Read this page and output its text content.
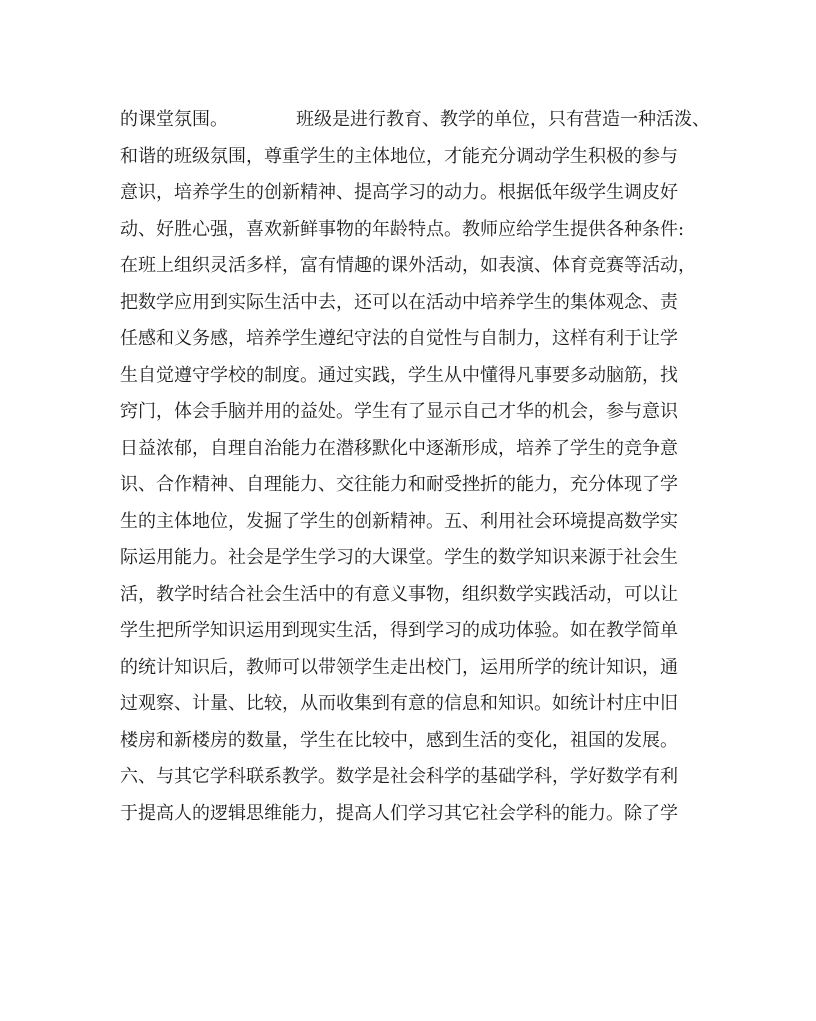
的课堂氛围。	班级是进行教育、教学的单位，只有营造一种活泼、
和谐的班级氛围，尊重学生的主体地位，才能充分调动学生积极的参与
意识，培养学生的创新精神、提高学习的动力。根据低年级学生调皮好
动、好胜心强，喜欢新鲜事物的年龄特点。教师应给学生提供各种条件:
在班上组织灵活多样，富有情趣的课外活动，如表演、体育竞赛等活动，
把数学应用到实际生活中去，还可以在活动中培养学生的集体观念、责
任感和义务感，培养学生遵纪守法的自觉性与自制力，这样有利于让学
生自觉遵守学校的制度。通过实践，学生从中懂得凡事要多动脑筋，找
窍门，体会手脑并用的益处。学生有了显示自己才华的机会，参与意识
日益浓郁，自理自治能力在潜移默化中逐渐形成，培养了学生的竞争意
识、合作精神、自理能力、交往能力和耐受挫折的能力，充分体现了学
生的主体地位，发掘了学生的创新精神。五、利用社会环境提高数学实
际运用能力。社会是学生学习的大课堂。学生的数学知识来源于社会生
活，教学时结合社会生活中的有意义事物，组织数学实践活动，可以让
学生把所学知识运用到现实生活，得到学习的成功体验。如在教学简单
的统计知识后，教师可以带领学生走出校门，运用所学的统计知识，通
过观察、计量、比较，从而收集到有意的信息和知识。如统计村庄中旧
楼房和新楼房的数量，学生在比较中，感到生活的变化，祖国的发展。
六、与其它学科联系教学。数学是社会科学的基础学科，学好数学有利
于提高人的逻辑思维能力，提高人们学习其它社会学科的能力。除了学
